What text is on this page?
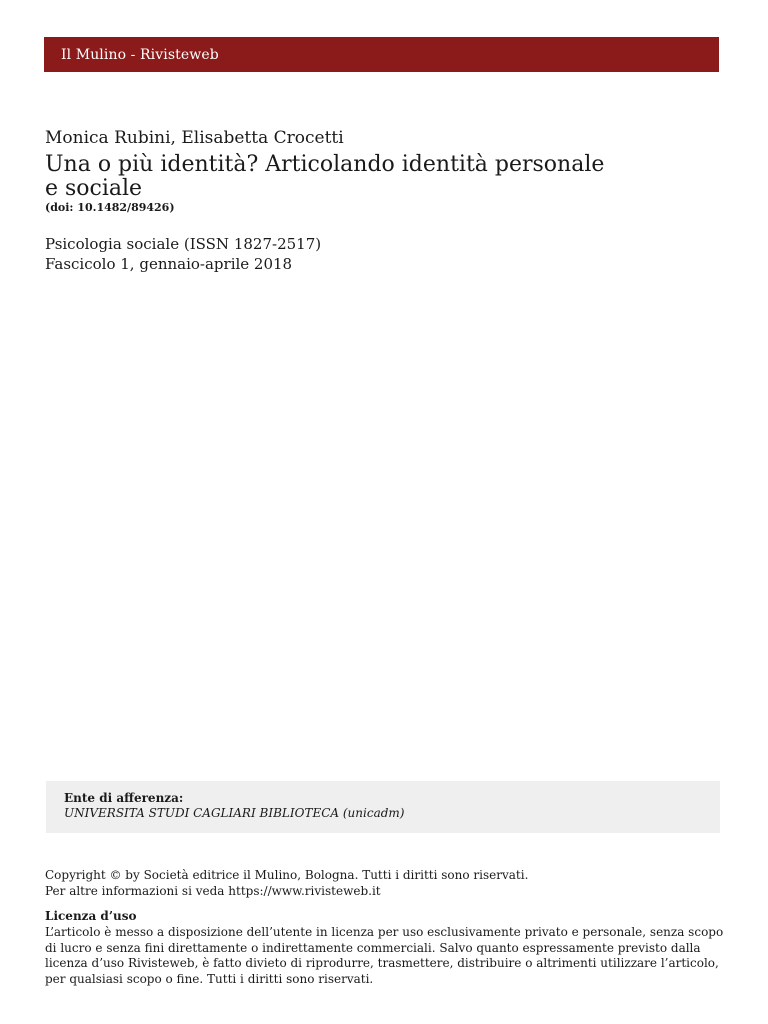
Il Mulino - Rivisteweb
Monica Rubini, Elisabetta Crocetti
Una o più identità? Articolando identità personale
e sociale
(doi: 10.1482/89426)
Psicologia sociale (ISSN 1827-2517)
Fascicolo 1, gennaio-aprile 2018
Ente di afferenza:
UNIVERSITA STUDI CAGLIARI BIBLIOTECA (unicadm)
Copyright © by Società editrice il Mulino, Bologna. Tutti i diritti sono riservati.
Per altre informazioni si veda https://www.rivisteweb.it
Licenza d’uso
L’articolo è messo a disposizione dell’utente in licenza per uso esclusivamente privato e personale, senza scopo
di lucro e senza fini direttamente o indirettamente commerciali. Salvo quanto espressamente previsto dalla
licenza d’uso Rivisteweb, è fatto divieto di riprodurre, trasmettere, distribuire o altrimenti utilizzare l’articolo,
per qualsiasi scopo o fine. Tutti i diritti sono riservati.
